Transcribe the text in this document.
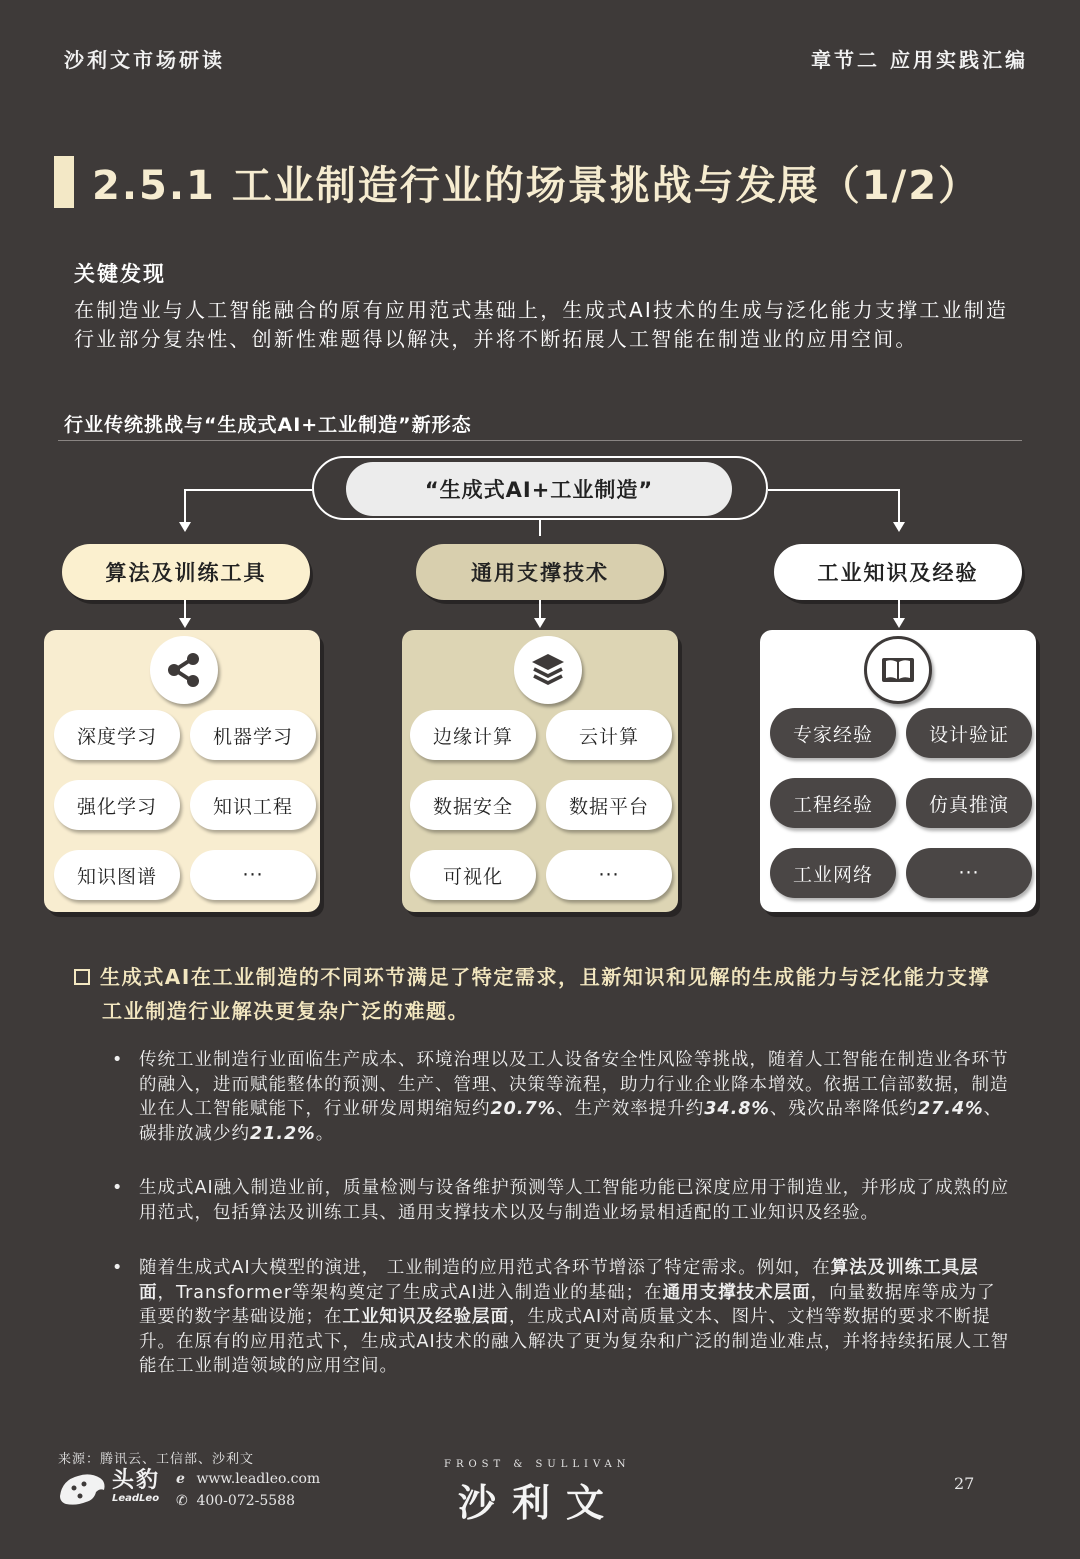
沙利文市场研读	章节二 应用实践汇编
2.5.1 工业制造行业的场景挑战与发展（1/2）
关键发现
在制造业与人工智能融合的原有应用范式基础上，生成式AI技术的生成与泛化能力支撑工业制造行业部分复杂性、创新性难题得以解决，并将不断拓展人工智能在制造业的应用空间。
行业传统挑战与“生成式AI+工业制造”新形态
“生成式AI+工业制造”
算法及训练工具
深度学习	机器学习
强化学习	知识工程
知识图谱	···
通用支撑技术
边缘计算	云计算
数据安全	数据平台
可视化	···
工业知识及经验
专家经验	设计验证
工程经验	仿真推演
工业网络	···
生成式AI在工业制造的不同环节满足了特定需求，且新知识和见解的生成能力与泛化能力支撑
工业制造行业解决更复杂广泛的难题。
• 传统工业制造行业面临生产成本、环境治理以及工人设备安全性风险等挑战，随着人工智能在制造业各环节的融入，进而赋能整体的预测、生产、管理、决策等流程，助力行业企业降本增效。依据工信部数据，制造业在人工智能赋能下，行业研发周期缩短约20.7%、生产效率提升约34.8%、残次品率降低约27.4%、碳排放减少约21.2%。
• 生成式AI融入制造业前，质量检测与设备维护预测等人工智能功能已深度应用于制造业，并形成了成熟的应用范式，包括算法及训练工具、通用支撑技术以及与制造业场景相适配的工业知识及经验。
• 随着生成式AI大模型的演进， 工业制造的应用范式各环节增添了特定需求。例如，在算法及训练工具层面，Transformer等架构奠定了生成式AI进入制造业的基础；在通用支撑技术层面，向量数据库等成为了重要的数字基础设施；在工业知识及经验层面，生成式AI对高质量文本、图片、文档等数据的要求不断提升。在原有的应用范式下，生成式AI技术的融入解决了更为复杂和广泛的制造业难点，并将持续拓展人工智能在工业制造领域的应用空间。
来源：腾讯云、工信部、沙利文
头豹
LeadLeo
e www.leadleo.com
✆ 400-072-5588
FROST & SULLIVAN
沙利文	27
